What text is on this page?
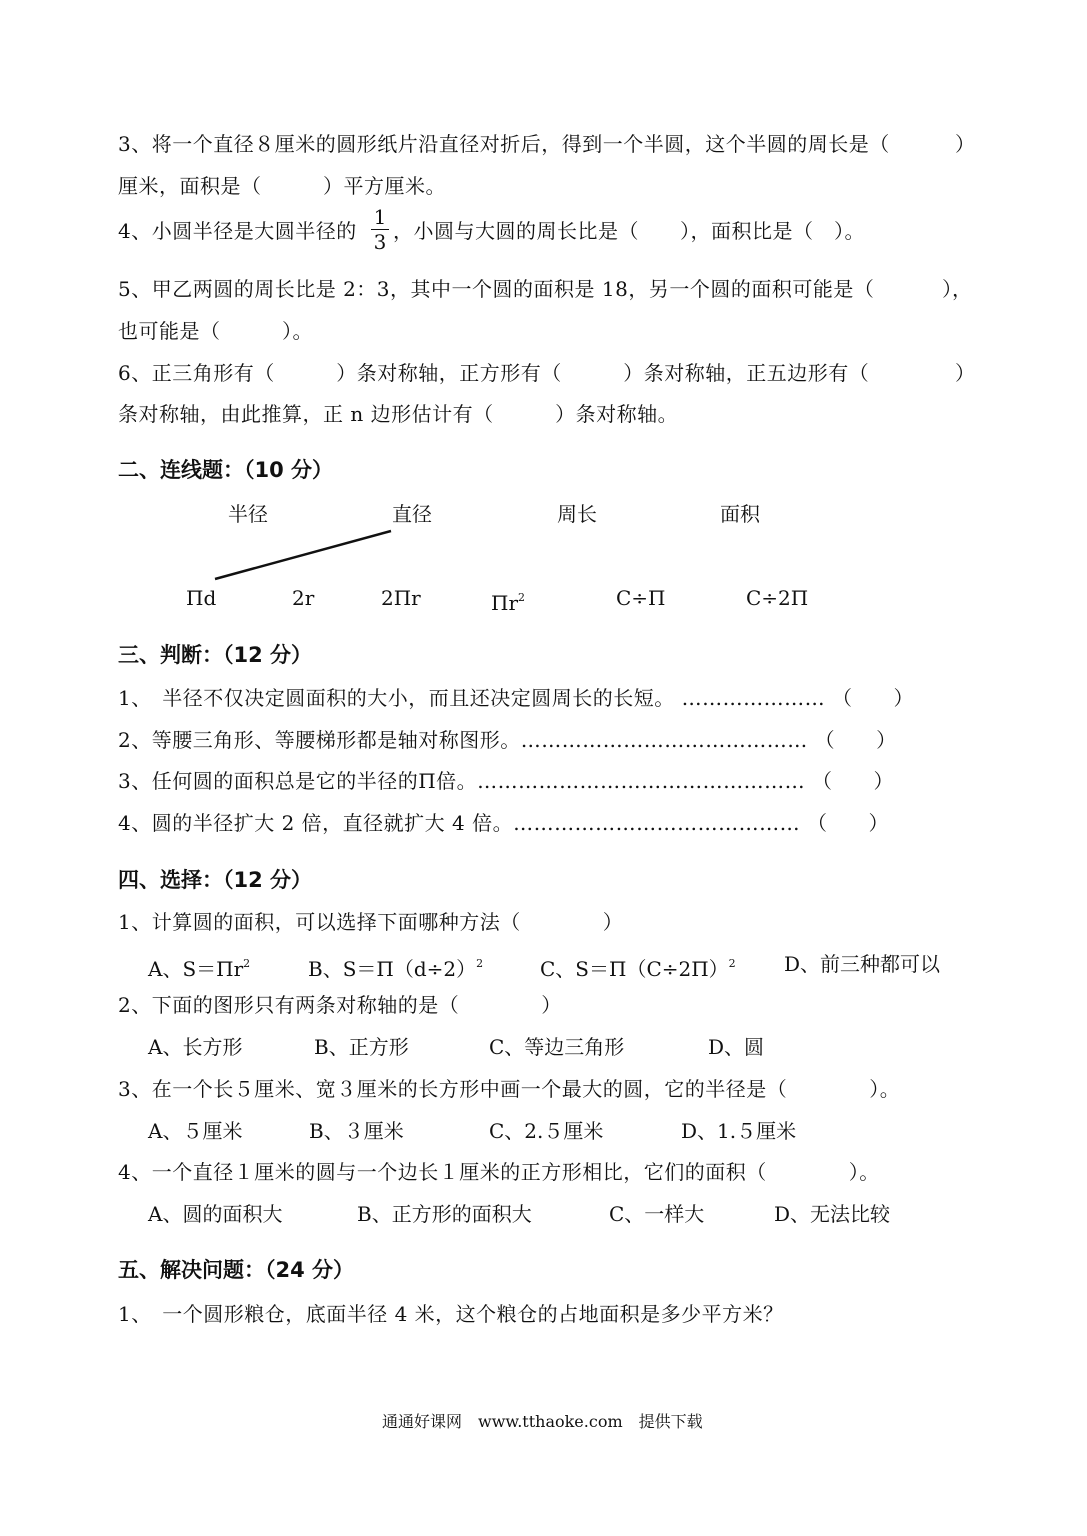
3、将一个直径８厘米的圆形纸片沿直径对折后，得到一个半圆，这个半圆的周长是（	）
厘米，面积是（　　　）平方厘米。
4、小圆半径是大圆半径的
1
3 ，小圆与大圆的周长比是（　　），面积比是（　）。
5、甲乙两圆的周长比是 2：3，其中一个圆的面积是 18，另一个圆的面积可能是（	），
也可能是（　　　）。
6、正三角形有（　　　）条对称轴，正方形有（　　　）条对称轴，正五边形有（	）
条对称轴，由此推算，正 n 边形估计有（　　　）条对称轴。
二、连线题：（10 分）
半径	直径	周长	面积
Πd	2r	2Πr	$\Pi r^2$	C÷Π	C÷2Π
三、判断：（12 分）
1、　半径不仅决定圆面积的大小，而且还决定圆周长的长短。 ………………… （　　）
2、等腰三角形、等腰梯形都是轴对称图形。…………………………………… （　　）
3、任何圆的面积总是它的半径的Π倍。………………………………………… （　　）
4、圆的半径扩大 2 倍，直径就扩大 4 倍。…………………………………… （　　）
四、选择：（12 分）
1、计算圆的面积，可以选择下面哪种方法（　　　　）
A、$S=\Pi r^2$	B、$S=\Pi(d\div 2)^2$	C、$S=\Pi(C\div 2\Pi)^2$ D、前三种都可以
2、下面的图形只有两条对称轴的是（　　　　）
A、长方形	B、正方形	C、等边三角形	D、圆
3、在一个长５厘米、宽３厘米的长方形中画一个最大的圆，它的半径是（　　　　）。
A、５厘米	B、３厘米	C、2.５厘米	D、1.５厘米
4、一个直径１厘米的圆与一个边长１厘米的正方形相比，它们的面积（　　　　）。
A、圆的面积大	B、正方形的面积大	C、一样大	D、无法比较
五、解决问题：（24 分）
1、　一个圆形粮仓，底面半径 4 米，这个粮仓的占地面积是多少平方米？
通通好课网　www.tthaoke.com　提供下载
